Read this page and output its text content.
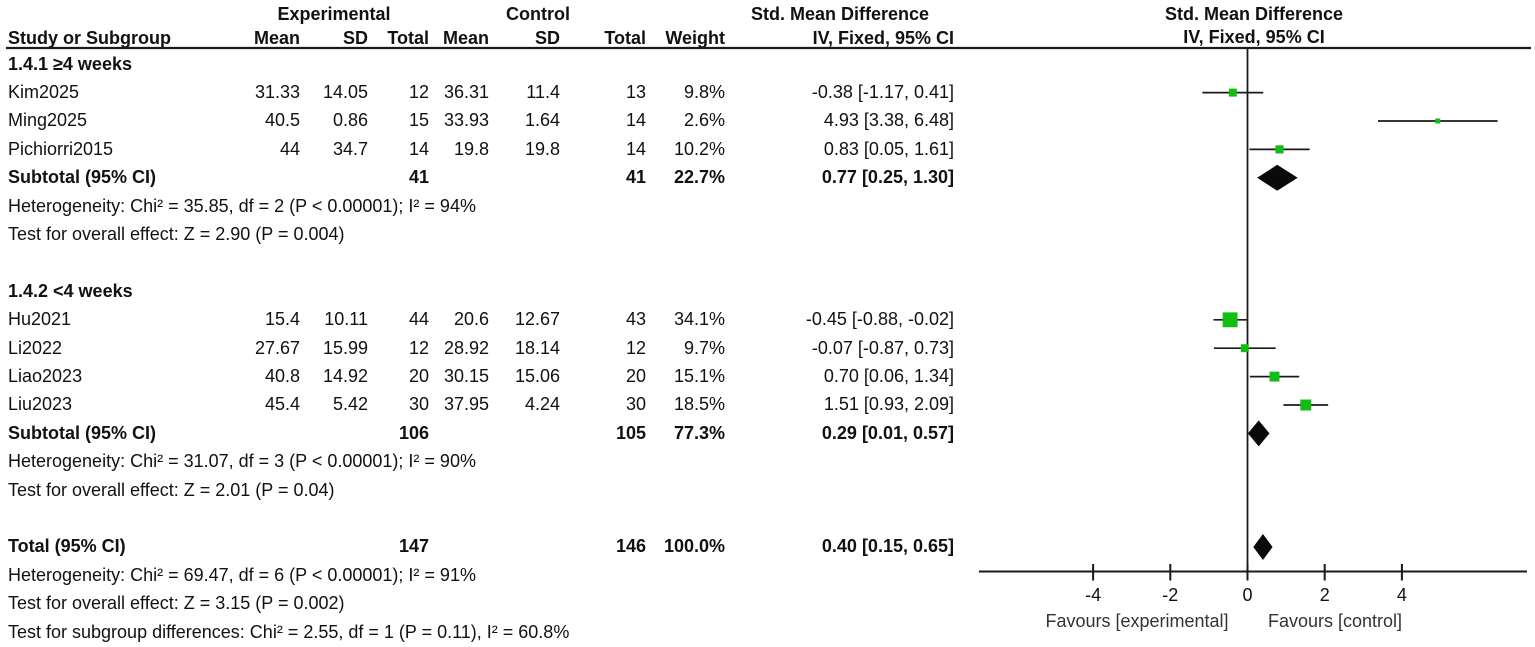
Experimental	Control	Std. Mean Difference	Std. Mean Difference
Study or Subgroup	Mean	SD	Total Mean	SD	Total	Weight	IV, Fixed, 95% CI	IV, Fixed, 95% CI
1.4.1 ≥4 weeks
Kim2025	31.33	14.05	12 36.31	11.4	13	9.8%	-0.38 [-1.17, 0.41]
Ming2025	40.5	0.86	15 33.93	1.64	14	2.6%	4.93 [3.38, 6.48]
Pichiorri2015	44	34.7	14	19.8	19.8	14	10.2%	0.83 [0.05, 1.61]
Subtotal (95% CI)	41	41	22.7%	0.77 [0.25, 1.30]
Heterogeneity: Chi² = 35.85, df = 2 (P < 0.00001); I² = 94%
Test for overall effect: Z = 2.90 (P = 0.004)
1.4.2 <4 weeks
Hu2021	15.4	10.11	44	20.6	12.67	43	34.1%	-0.45 [-0.88, -0.02]
Li2022	27.67	15.99	12 28.92	18.14	12	9.7%	-0.07 [-0.87, 0.73]
Liao2023	40.8	14.92	20 30.15	15.06	20	15.1%	0.70 [0.06, 1.34]
Liu2023	45.4	5.42	30 37.95	4.24	30	18.5%	1.51 [0.93, 2.09]
Subtotal (95% CI)	106	105	77.3%	0.29 [0.01, 0.57]
Heterogeneity: Chi² = 31.07, df = 3 (P < 0.00001); I² = 90%
Test for overall effect: Z = 2.01 (P = 0.04)
Total (95% CI)	147	146 100.0%	0.40 [0.15, 0.65]
Heterogeneity: Chi² = 69.47, df = 6 (P < 0.00001); I² = 91%
Test for overall effect: Z = 3.15 (P = 0.002)
Test for subgroup differences: Chi² = 2.55, df = 1 (P = 0.11), I² = 60.8%
-4	-2	0	2	4
Favours [experimental] Favours [control]
